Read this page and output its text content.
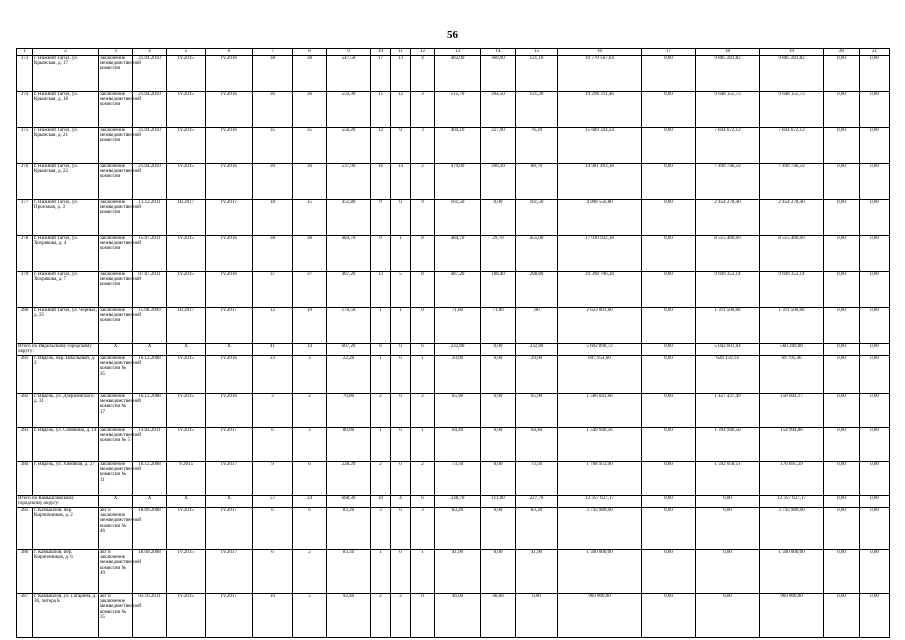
56
1	2	3	4	5	6	7	8	9	10	11	12	13	14	15	16	17	18	19	20	21
373	г. Нижний Тагил, ул. Крымская, д. 17	заключение межведомственной комиссии	21.04.2010	IV.2015	IV.2016	38	38	547,50	17	13	4	482,00	360,90	121,10	19 770 567,64	0,00	9 885 283,82	9 885 283,82	0,00	0,00
374	г. Нижний Тагил, ул. Крымская, д. 18	заключение межведомственной комиссии	21.04.2010	IV.2015	IV.2016	36	36	559,30	15	12	3	515,70	394,50	121,20	19 296 311,46	0,00	9 648 155,73	9 648 155,73	0,00	0,00
375	г. Нижний Тагил, ул. Крымская, д. 21	заключение межведомственной комиссии	21.04.2010	IV.2015	IV.2016	35	35	556,20	12	9	3	404,10	327,90	76,20	15 689 344,24	0,00	7 844 672,12	7 844 672,12	0,00	0,00
376	г. Нижний Тагил, ул. Крымская, д. 22	заключение межведомственной комиссии	21.04.2010	IV.2015	IV.2016	30	30	537,90	16	14	2	479,00	390,30	88,70	14 981 493,18	0,00	7 490 746,59	7 490 746,59	0,00	0,00
377	г. Нижний Тагил, ул. Проезжая, д. 3	заключение межведомственной комиссии	13.12.2011	III.2017	IV.2017	18	15	451,80	9	0	9	161,50	0,00	161,50	4 908 556,80	0,00	2 454 278,40	2 454 278,40	0,00	0,00
378	г. Нижний Тагил, ул. Хохрякова, д. 4	заключение межведомственной комиссии	15.07.2011	IV.2015	IV.2016	38	38	484,70	9	1	8	484,70	29,70	455,00	17 030 932,18	0,00	8 515 466,09	8 515 466,09	0,00	0,00
379	г. Нижний Тагил, ул. Хохрякова, д. 7	заключение межведомственной комиссии	07.07.2011	IV.2015	IV.2016	37	37	487,20	13	5	8	487,20	188,40	298,80	19 398 706,28	0,00	9 699 353,14	9 699 353,14	0,00	0,00
380	г. Нижний Тагил, ул. Черных, д. 25	заключение межведомственной комиссии	11.08.2009	III.2017	IV.2017	12	10	170,50	1	1	0	71,80	71,80	,00	2 623 001,60	0,00	1 311 500,80	1 311 500,80	0,00	0,00
Итого по Ивдельскому городскому округу:		X	X	X	X	41	14	607,20	6	0	6	232,80	0,00	232,80	5 602 890,72	0,00	5 042 601,64	560 289,08	0,00	0,00
381	г. Ивдель, пер. Школьный, д. 2	заключение межведомственной комиссии № 35	16.12.2008	IV.2015	IV.2016	23	3	22,20	1	0	1	29,00	0,00	29,00	697 954,60	0,00	628 159,14	69 795,46	0,00	0,00
382	г. Ивдель, ул. Дзержинского, д. 31	заключение межведомственной комиссии № 17	16.12.2008	IV.2015	IV.2016	3	2	76,80	2	0	2	65,90	0,00	65,90	1 586 041,66	0,00	1 427 437,49	158 604,17	0,00	0,00
383	г. Ивдель, ул. Собянина, д. 14	заключение межведомственной комиссии № 5	14.04.2011	IV.2015	IV.2017	6	3	80,00	1	0	1	64,40	0,00	64,40	1 549 940,56	0,00	1 394 946,50	154 994,06	0,00	0,00
384	г. Ивдель, ул. Химиков, д. 27	заключение межведомственной комиссии № 11	16.12.2008	V.2015	IV.2017	9	6	228,20	2	0	2	73,50	0,00	73,50	1 768 953,90	0,00	1 592 058,51	176 895,39	0,00	0,00
Итого по Камышловскому городскому округу:		X	X	X	X	57	24	668,30	10	4	6	338,70	111,00	227,70	12 357 627,17	0,00	0,00	12 357 627,17	0,00	0,00
385	г. Камышлов, пер. Кирпичников, д. 2	акт и заключение межведомственной комиссии № 46	18.09.2008	IV.2015	IV.2017	6	6	83,20	3	0	3	83,20	0,00	83,20	3 743 980,00	0,00	0,00	3 743 980,00	0,00	0,00
386	г. Камышлов, пер. Кирпичников, д. 6	акт и заключение межведомственной комиссии № 49	18.09.2008	IV.2015	IV.2017	6	2	83,50	1	0	1	41,90	0,00	41,90	1 500 000,00	0,00	0,00	1 500 000,00	0,00	0,00
387	г. Камышлов, ул. Гагарина, д. 36, литера Б	акт и заключение межведомственной комиссии № 35	03.10.2011	IV.2015	IV.2017	10	5	92,40	2	2	0	46,00	46,00	0,00	969 000,00	0,00	0,00	969 000,00	0,00	0,00
